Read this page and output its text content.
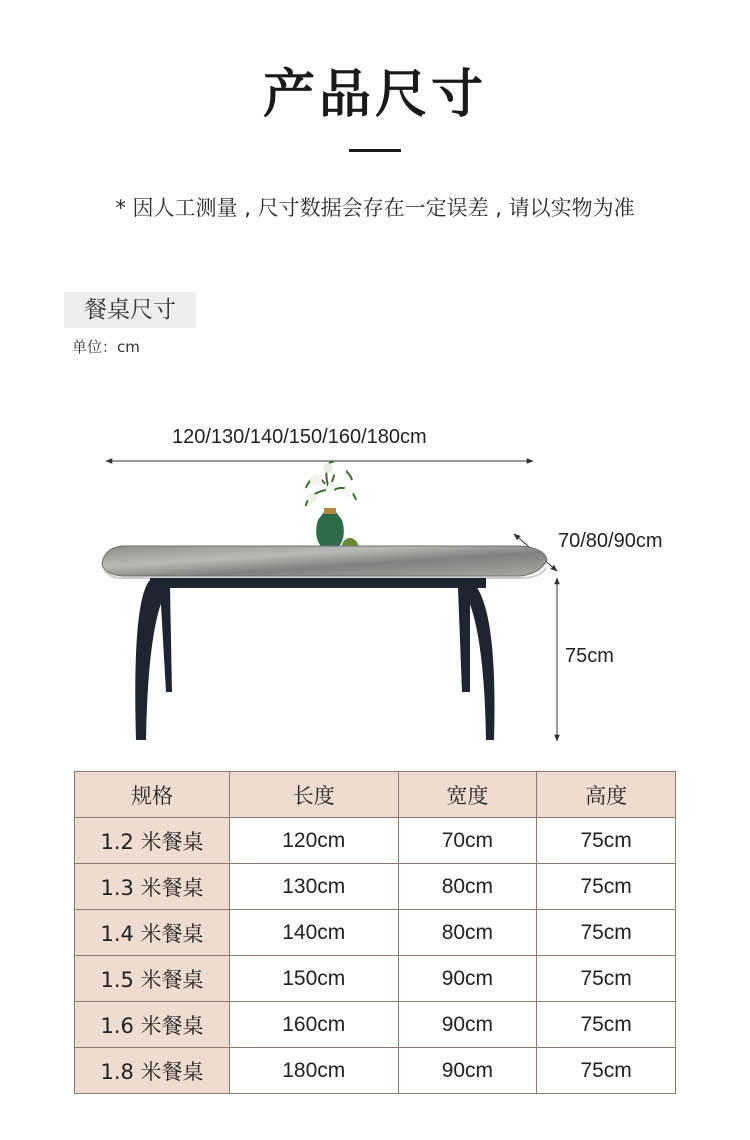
产品尺寸
* 因人工测量 , 尺寸数据会存在一定误差 , 请以实物为准
餐桌尺寸
单位：cm
120/130/140/150/160/180cm
70/80/90cm
75cm
规格	长度	宽度	高度
1.2 米餐桌	120cm	70cm	75cm
1.3 米餐桌	130cm	80cm	75cm
1.4 米餐桌	140cm	80cm	75cm
1.5 米餐桌	150cm	90cm	75cm
1.6 米餐桌	160cm	90cm	75cm
1.8 米餐桌	180cm	90cm	75cm
